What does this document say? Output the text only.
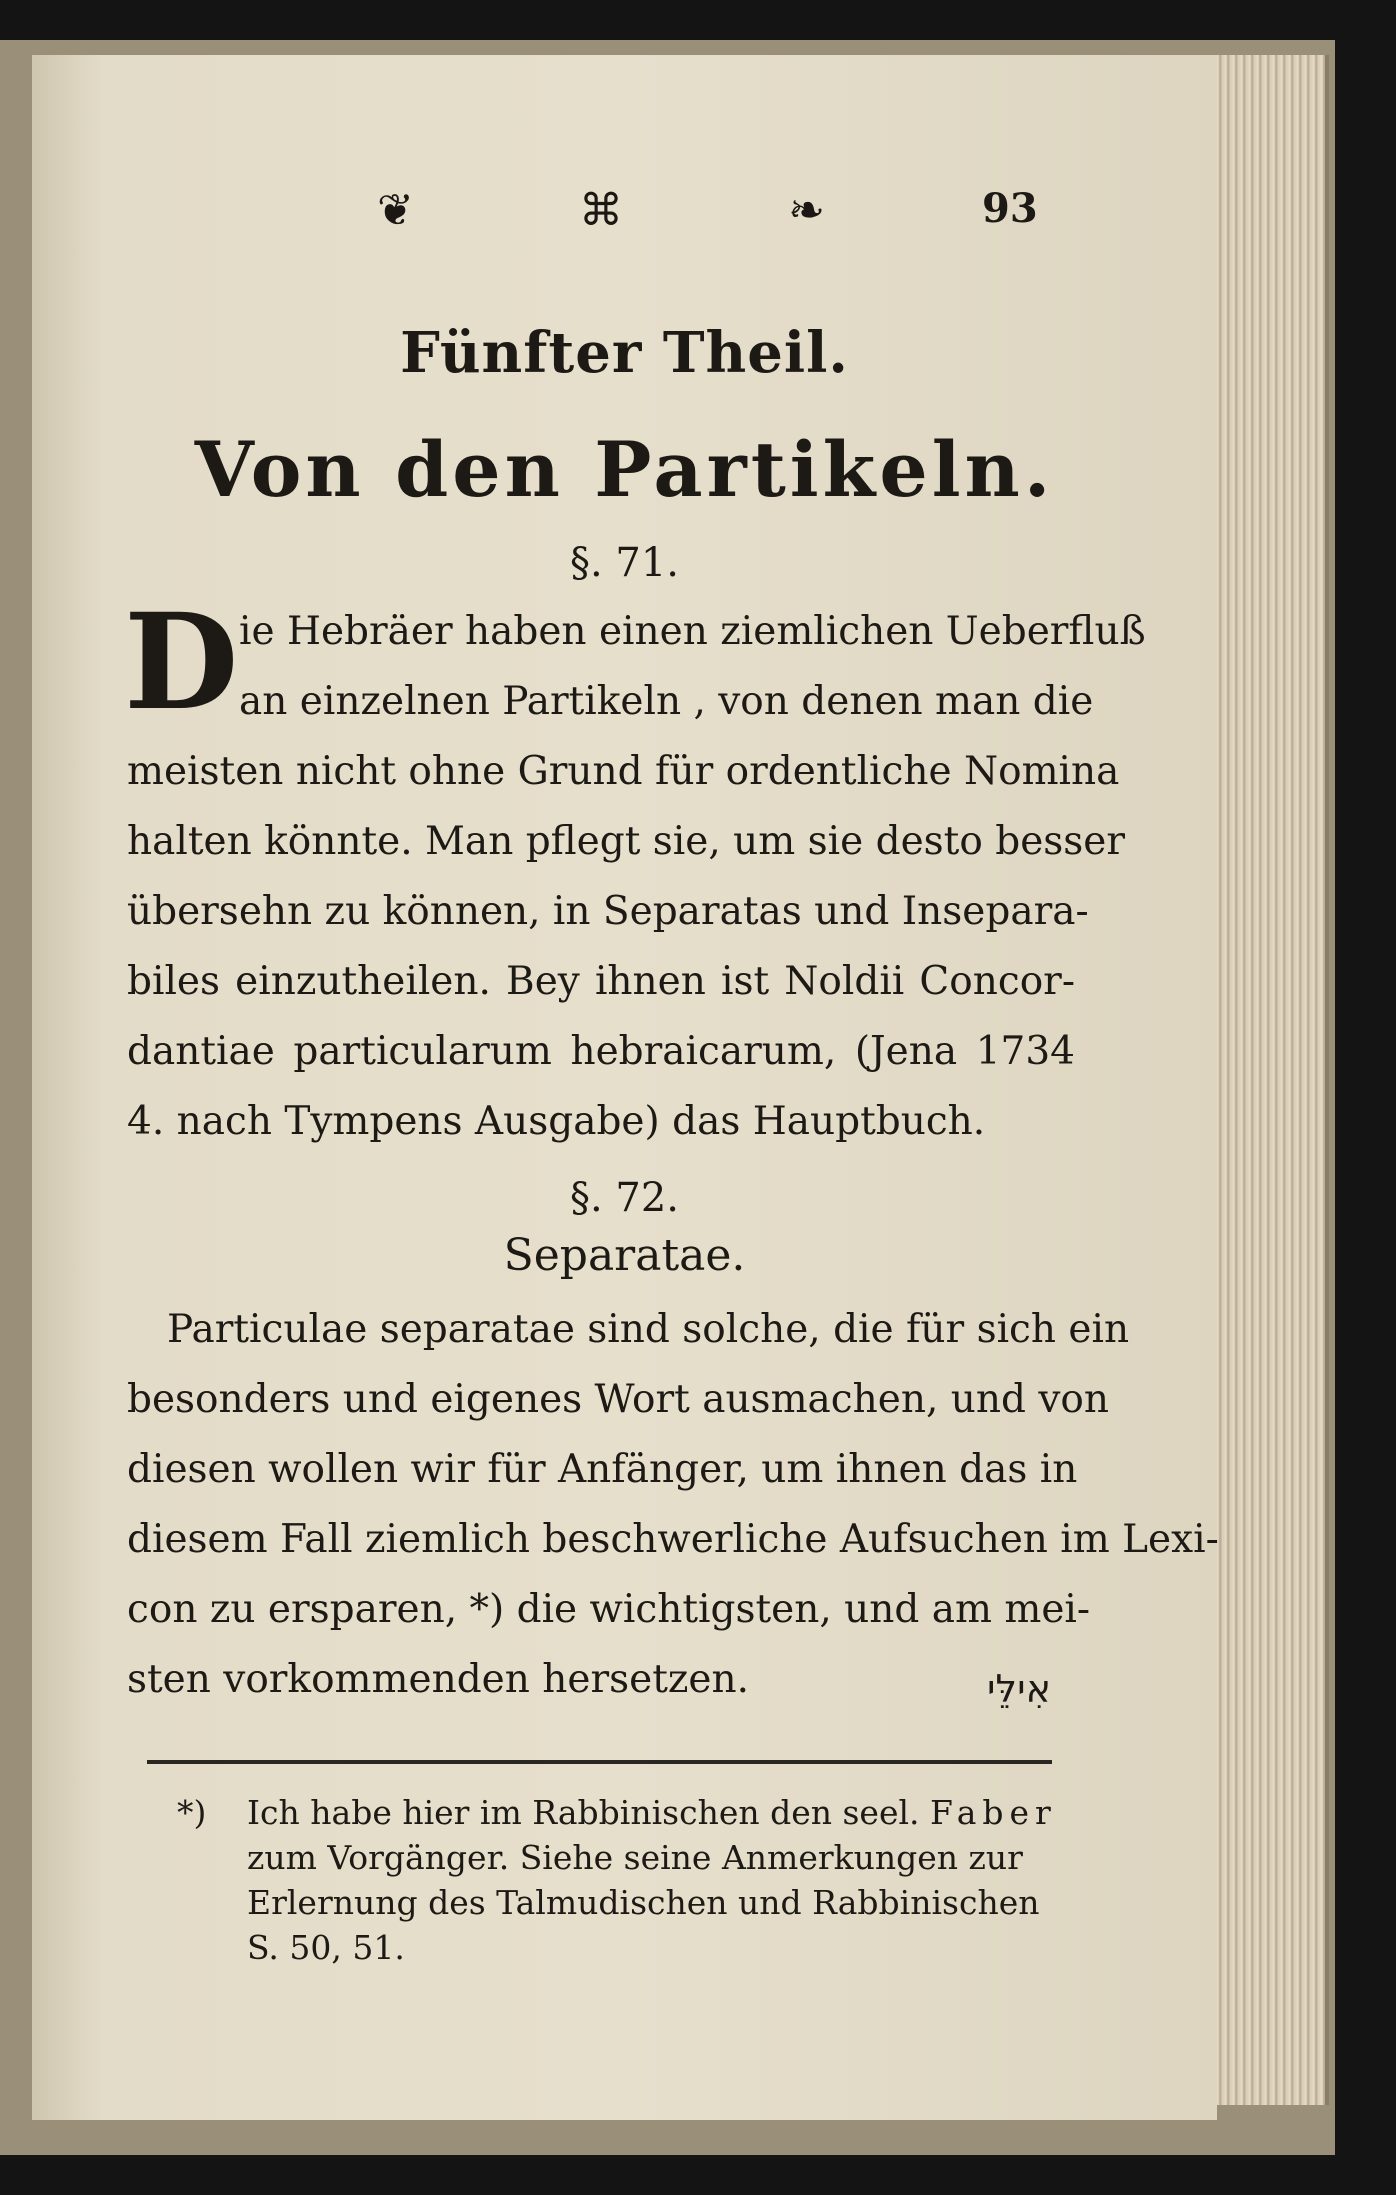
❦	⌘	❧	93
Fünfter Theil.
Von den Partikeln.
§. 71.
D ie Hebräer haben einen ziemlichen Ueberfluß
an einzelnen Partikeln , von denen man die
meisten nicht ohne Grund für ordentliche Nomina
halten könnte. Man pflegt sie, um sie desto besser
übersehn zu können, in Separatas und Insepara-
biles einzutheilen. Bey ihnen ist Noldii Concor-
dantiae particularum hebraicarum, (Jena 1734
4. nach Tympens Ausgabe) das Hauptbuch.
§. 72.
Separatae.
Particulae separatae sind solche, die für sich ein
besonders und eigenes Wort ausmachen, und von
diesen wollen wir für Anfänger, um ihnen das in
diesem Fall ziemlich beschwerliche Aufsuchen im Lexi-
con zu ersparen, *) die wichtigsten, und am mei-
sten vorkommenden hersetzen.	אִילֵּי
*) Ich habe hier im Rabbinischen den seel. Faber
zum Vorgänger. Siehe seine Anmerkungen zur
Erlernung des Talmudischen und Rabbinischen
S. 50, 51.
